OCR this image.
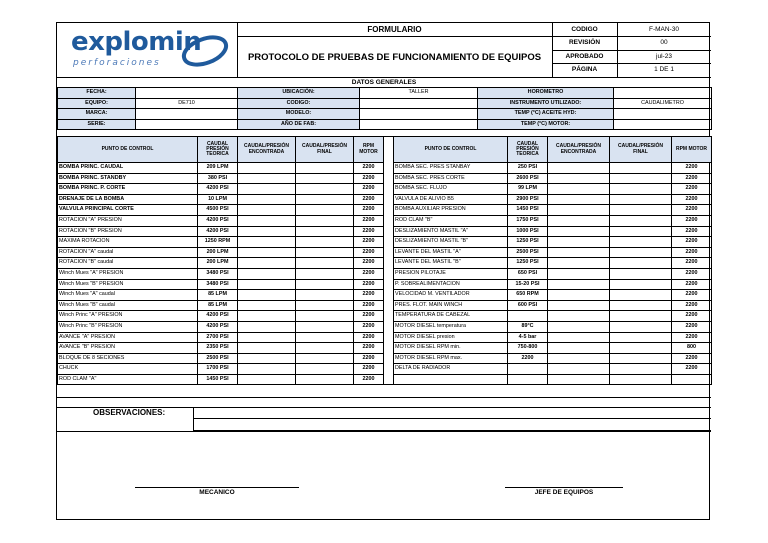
explomin
perforaciones
FORMULARIO
PROTOCOLO DE PRUEBAS DE FUNCIONAMIENTO DE EQUIPOS
CODIGO	F-MAN-30
REVISIÓN	00
APROBADO	jul-23
PÁGINA	1 DE 1
DATOS GENERALES
FECHA:		UBICACIÓN:	TALLER	HOROMETRO	
EQUIPO:	DE710	CODIGO:		INSTRUMENTO UTILIZADO:	CAUDALIMETRO
MARCA:		MODELO:		TEMP (°C) ACEITE HYD:	
SERIE:		AÑO DE FAB:		TEMP (°C) MOTOR:	
PUNTO DE CONTROL	CAUDAL PRESIÓN TEORICA	CAUDAL/PRESIÓN ENCONTRADA	CAUDAL/PRESIÓN FINAL	RPM MOTOR		PUNTO DE CONTROL	CAUDAL PRESIÓN TEORICA	CAUDAL/PRESIÓN ENCONTRADA	CAUDAL/PRESIÓN FINAL	RPM MOTOR
BOMBA PRINC. CAUDAL	209 LPM			2200		BOMBA SEC. PRES STANBAY	250 PSI			2200
BOMBA PRINC. STANDBY	380 PSI			2200		BOMBA SEC. PRES CORTE	2600 PSI			2200
BOMBA PRINC. P. CORTE	4200 PSI			2200		BOMBA SEC. FLUJO	99 LPM			2200
DRENAJE DE LA BOMBA	10 LPM			2200		VALVULA DE ALIVIO B5	2900 PSI			2200
VALVULA PRINCIPAL CORTE	4500 PSI			2200		BOMBA AUXILIAR PRESION	1450 PSI			2200
ROTACION "A" PRESION	4200 PSI			2200		ROD CLAM "B"	1750 PSI			2200
ROTACION "B" PRESION	4200 PSI			2200		DESLIZAMIENTO MASTIL "A"	1000 PSI			2200
MAXIMA ROTACION	1250 RPM			2200		DESLIZAMIENTO MASTIL "B"	1250 PSI			2200
ROTACION "A" caudal	200 LPM			2200		LEVANTE DEL MASTIL "A"	2500 PSI			2200
ROTACION "B" caudal	200 LPM			2200		LEVANTE DEL MASTIL "B"	1250 PSI			2200
Winch Mues "A" PRESION	3480 PSI			2200		PRESION PILOTAJE	650 PSI			2200
Winch Mues "B" PRESION	3480 PSI			2200		P. SOBREALIMENTACION	15-20 PSI			2200
Winch Mues "A" caudal	85 LPM			2200		VELOCIDAD M. VENTILADOR	650 RPM			2200
Winch Mues "B" caudal	85 LPM			2200		PRES. FLOT. MAIN WINCH	600 PSI			2200
Winch Princ "A" PRESION	4200 PSI			2200		TEMPERATURA DE CABEZAL				2200
Winch Princ "B" PRESION	4200 PSI			2200		MOTOR DIESEL temperatura	89°C			2200
AVANCE "A" PRESION	2700 PSI			2200		MOTOR DIESEL presion	4-5 bar			2200
AVANCE "B" PRESION	2350 PSI			2200		MOTOR DIESEL RPM min.	750-800			800
BLOQUE DE 8 SECIONES	2500 PSI			2200		MOTOR DIESEL RPM max.	2200			2200
CHUCK	1700 PSI			2200		DELTA DE RADIADOR				2200
ROD CLAM "A"	1450 PSI			2200						
OBSERVACIONES:
MECANICO	JEFE DE EQUIPOS
